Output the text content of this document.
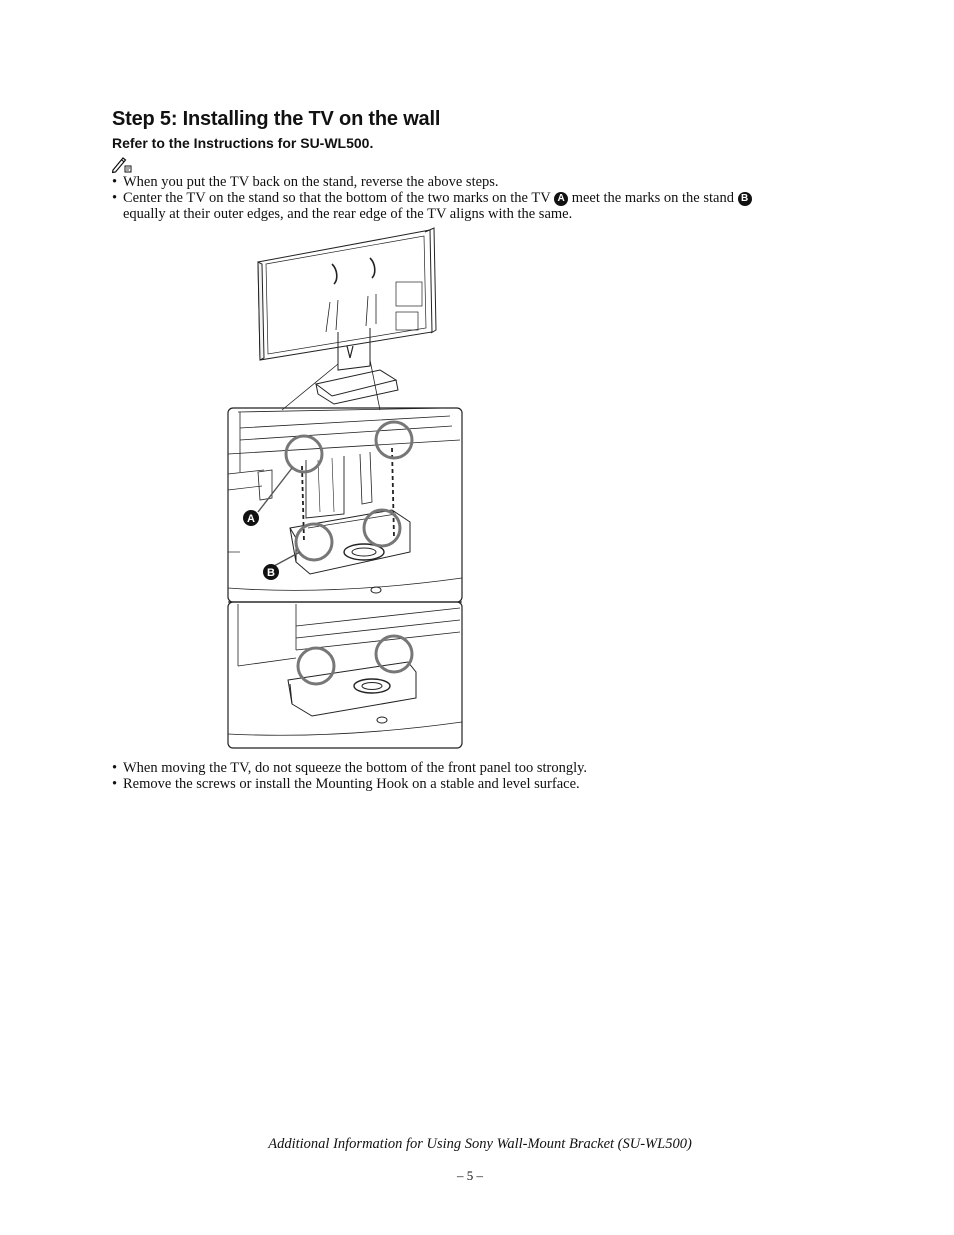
Step 5: Installing the TV on the wall
Refer to the Instructions for SU-WL500.
• When you put the TV back on the stand, reverse the above steps.
• Center the TV on the stand so that the bottom of the two marks on the TV A meet the marks on the stand B
equally at their outer edges, and the rear edge of the TV aligns with the same.
A
B
• When moving the TV, do not squeeze the bottom of the front panel too strongly.
• Remove the screws or install the Mounting Hook on a stable and level surface.
Additional Information for Using Sony Wall-Mount Bracket (SU-WL500)
– 5 –
